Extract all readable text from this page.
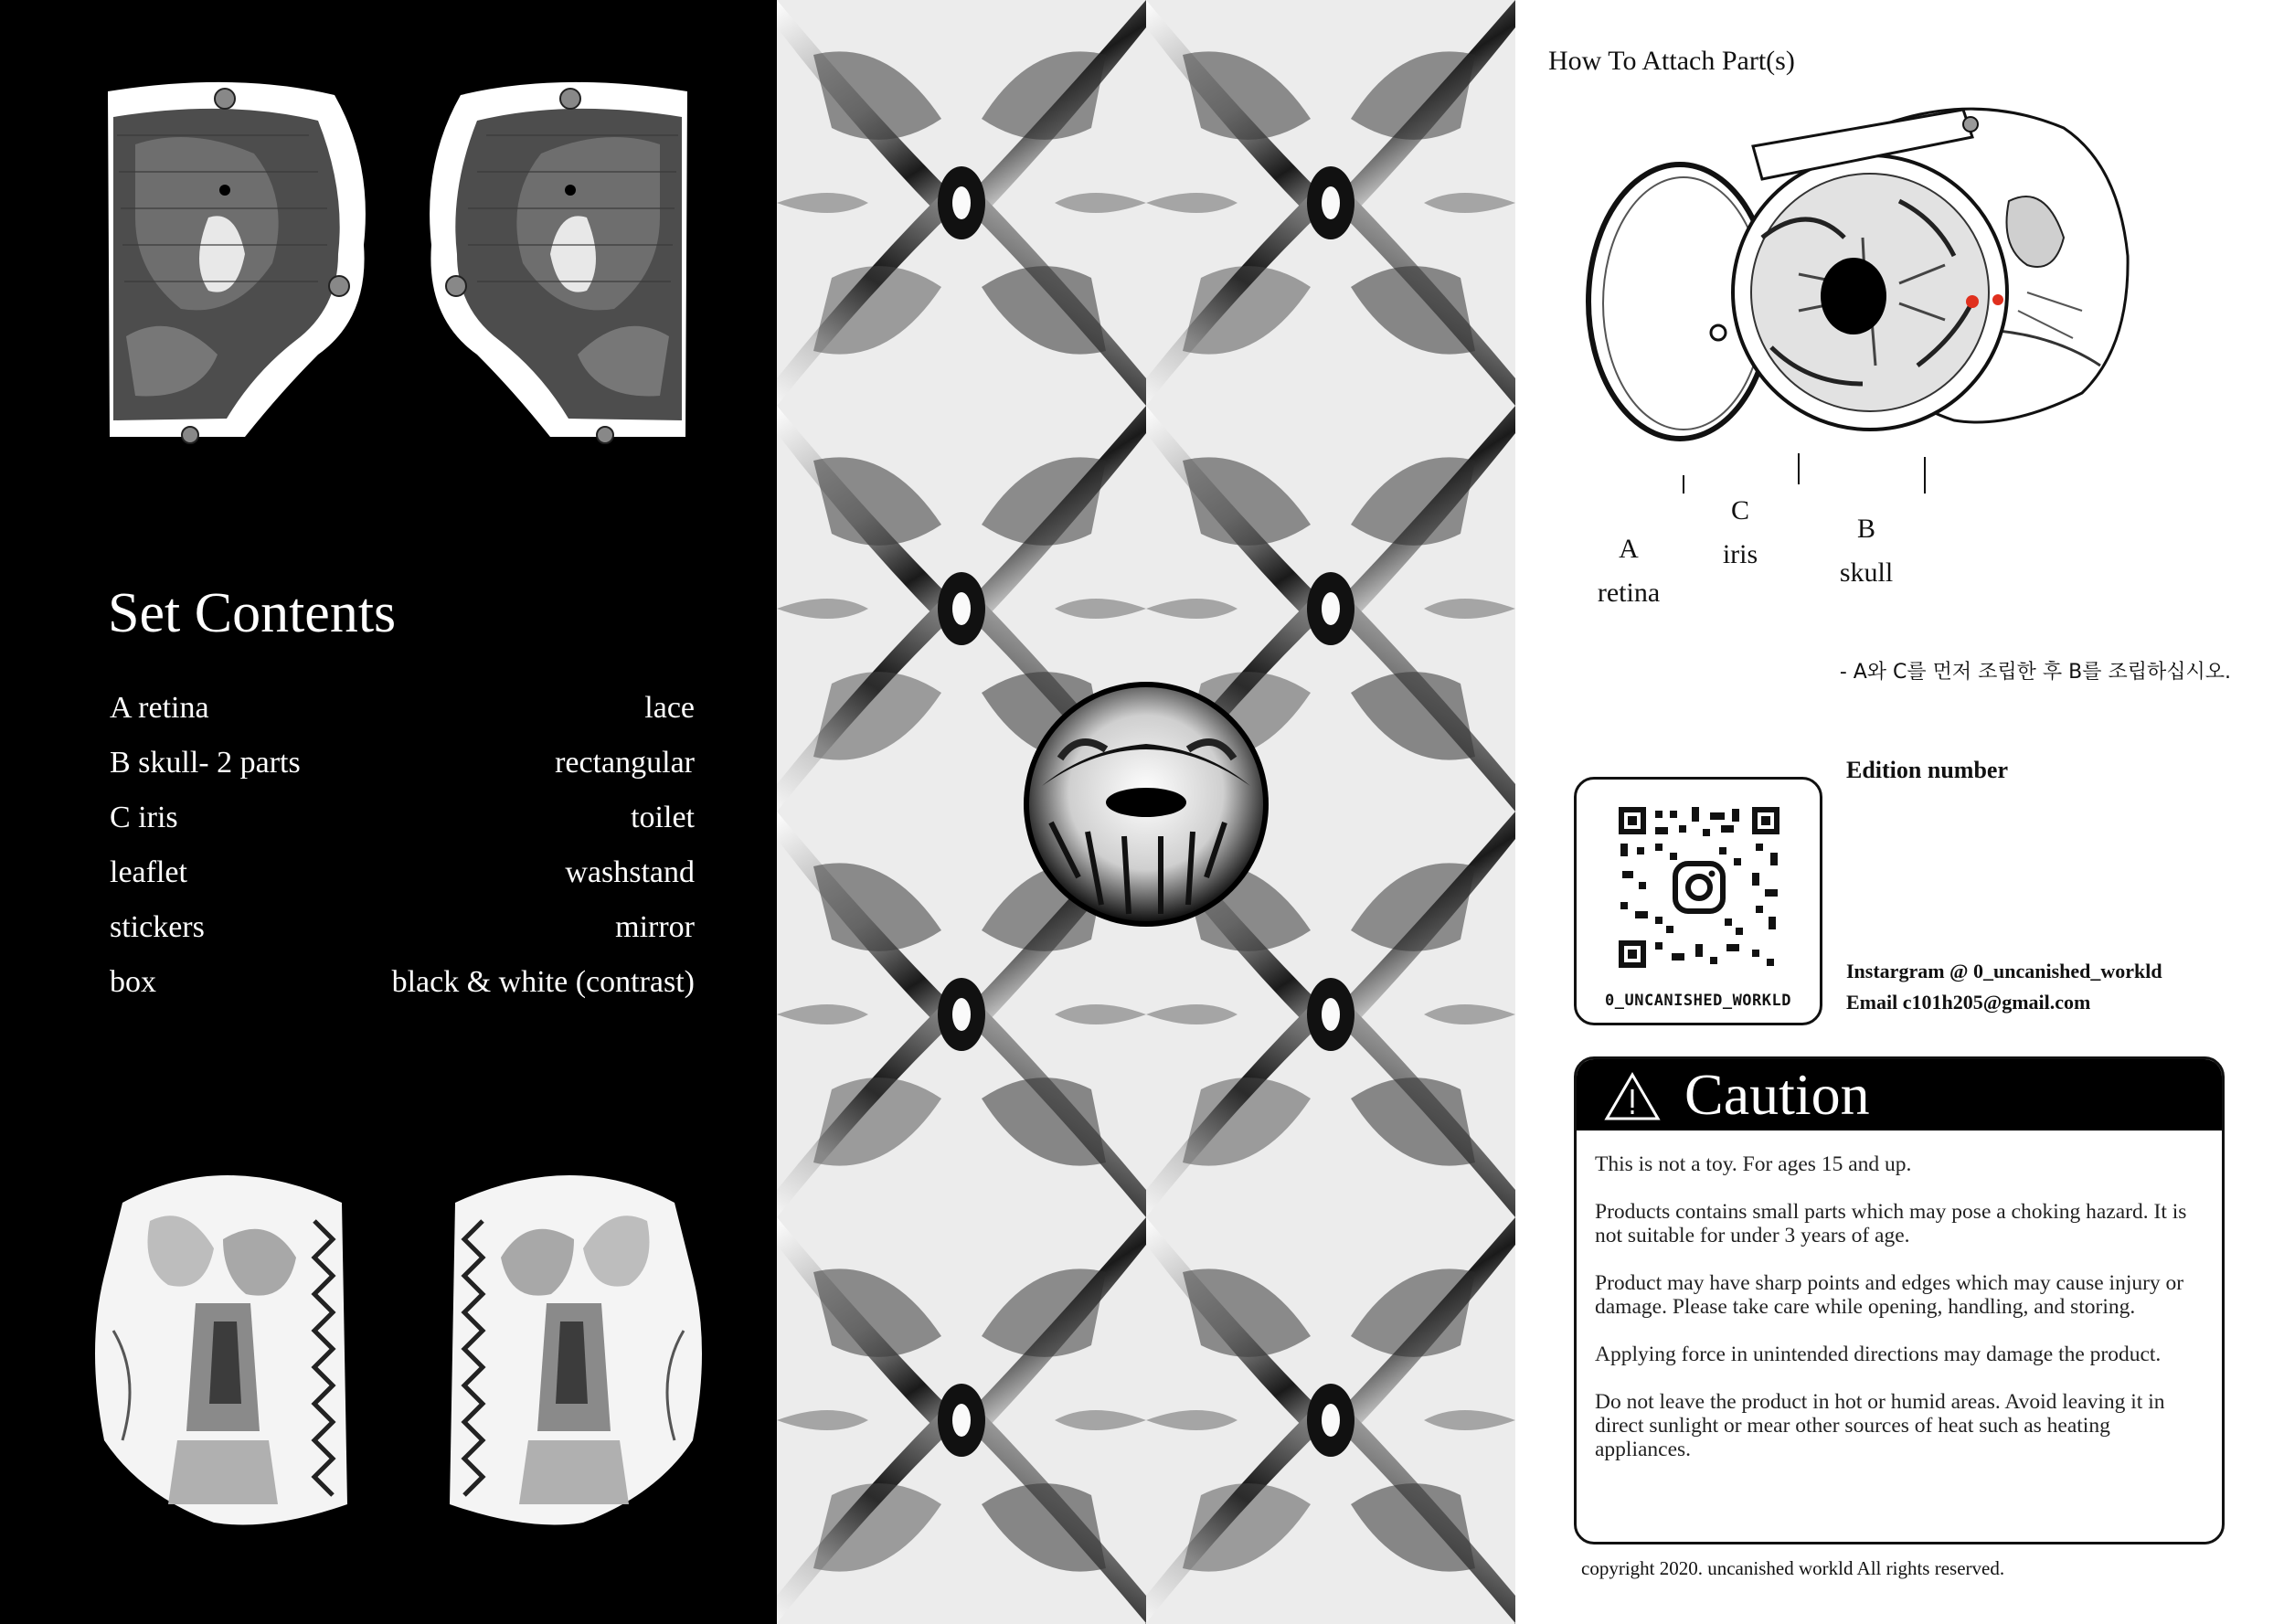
Set Contents
A retina	lace
B skull- 2 parts	rectangular
C iris	toilet
leaflet	washstand
stickers	mirror
box	black & white (contrast)
How To Attach Part(s)
A
retina
C
iris
B
skull
- A와 C를 먼저 조립한 후 B를 조립하십시오.
0_UNCANISHED_WORKLD
Edition number
Instargram @ 0_uncanished_workld
Email c101h205@gmail.com
Caution

This is not a toy. For ages 15 and up.

Products contains small parts which may pose a choking hazard. It is not suitable for under 3 years of age.

Product may have sharp points and edges which may cause injury or damage. Please take care while opening, handling, and storing.

Applying force in unintended directions may damage the product.

Do not leave the product in hot or humid areas. Avoid leaving it in direct sunlight or mear other sources of heat such as heating appliances.

copyright 2020. uncanished workld All rights reserved.
